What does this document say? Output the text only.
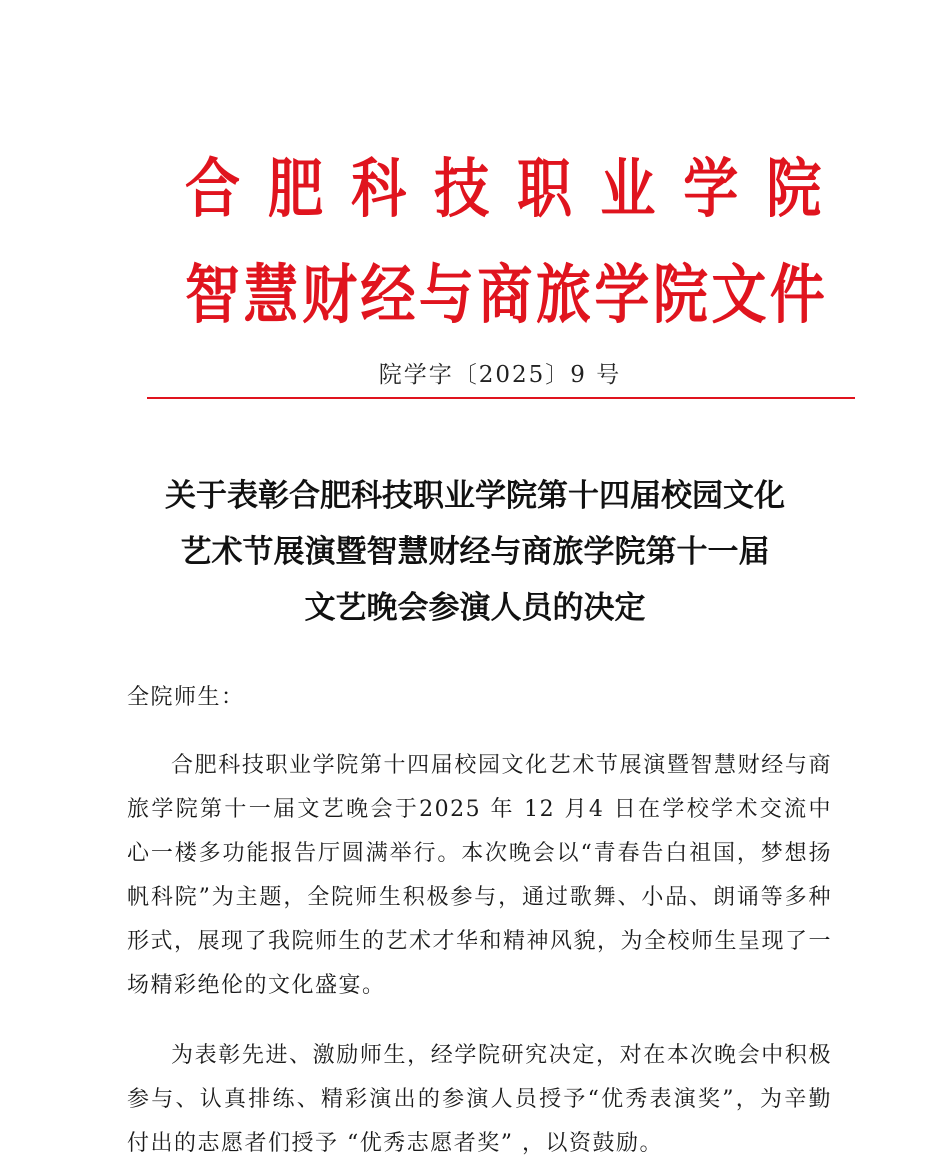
合 肥 科 技 职 业 学 院
智 慧 财 经 与 商 旅 学 院 文 件
院学字〔2025〕9 号
关于表彰合肥科技职业学院第十四届校园文化
艺术节展演暨智慧财经与商旅学院第十一届
文艺晚会参演人员的决定
全院师生：
合肥科技职业学院第十四届校园文化艺术节展演暨智慧财经与商旅学院第十一届文艺晚会于2025 年 12 月4 日在学校学术交流中心一楼多功能报告厅圆满举行。本次晚会以“青春告白祖国，梦想扬帆科院”为主题，全院师生积极参与，通过歌舞、小品、朗诵等多种形式，展现了我院师生的艺术才华和精神风貌，为全校师生呈现了一场精彩绝伦的文化盛宴。
为表彰先进、激励师生，经学院研究决定，对在本次晚会中积极参与、认真排练、精彩演出的参演人员授予“优秀表演奖”，为辛勤付出的志愿者们授予 “优秀志愿者奖” ，以资鼓励。
